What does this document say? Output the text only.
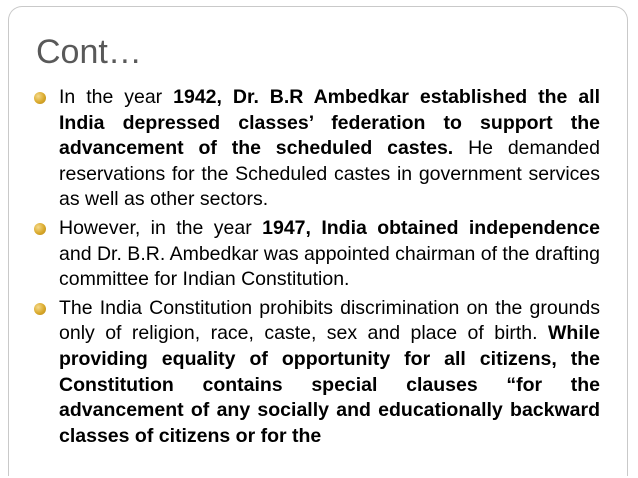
Cont…

In the year 1942, Dr. B.R Ambedkar established the all India depressed classes’ federation to support the advancement of the scheduled castes. He demanded reservations for the Scheduled castes in government services as well as other sectors.

However, in the year 1947, India obtained independence and Dr. B.R. Ambedkar was appointed chairman of the drafting committee for Indian Constitution.

The India Constitution prohibits discrimination on the grounds only of religion, race, caste, sex and place of birth. While providing equality of opportunity for all citizens, the Constitution contains special clauses “for the advancement of any socially and educationally backward classes of citizens or for the
